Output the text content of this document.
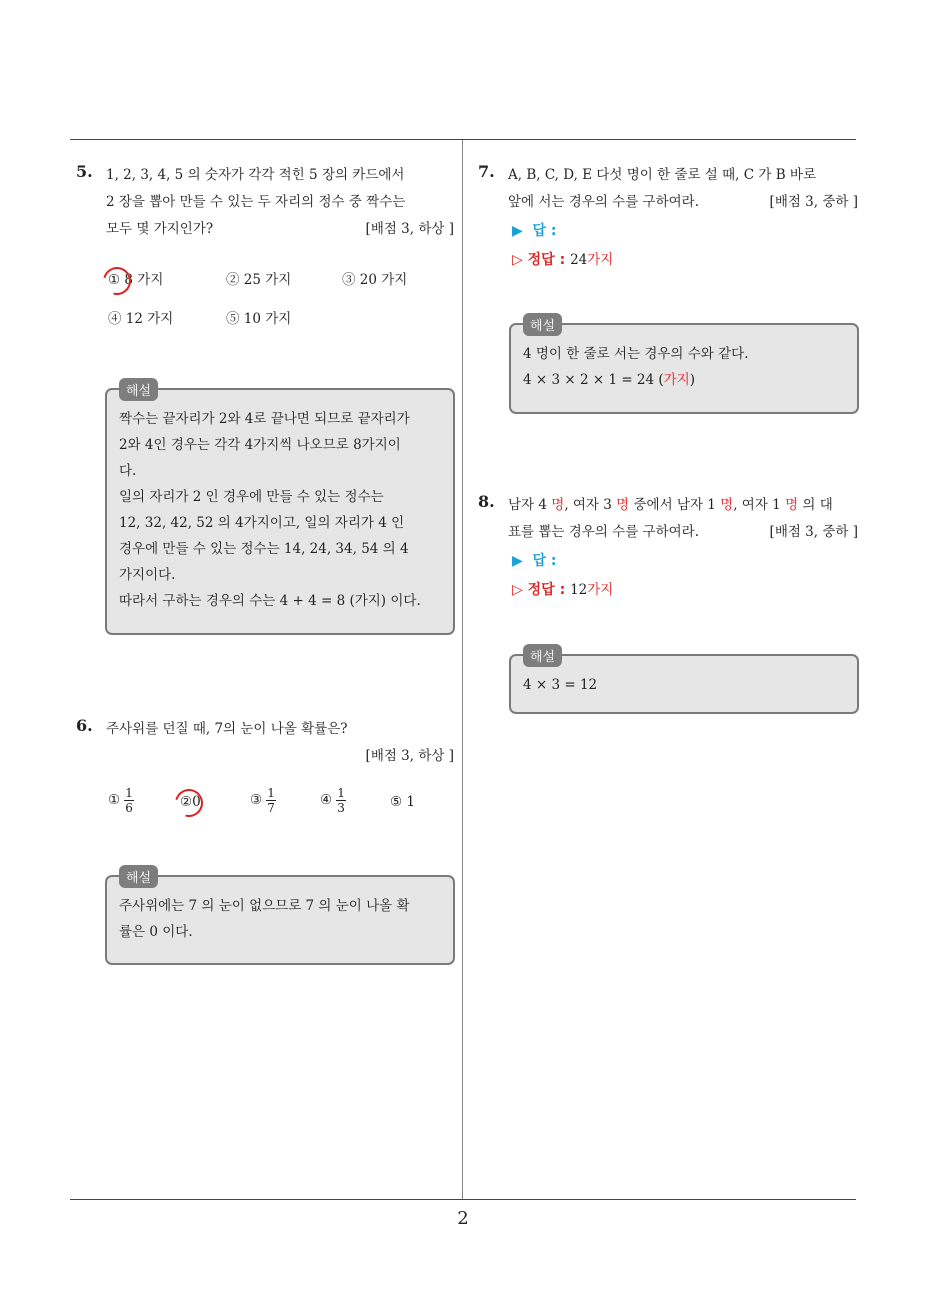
2
5. 1, 2, 3, 4, 5 의 숫자가 각각 적힌 5 장의 카드에서
2 장을 뽑아 만들 수 있는 두 자리의 정수 중 짝수는
모두 몇 가지인가?	[배점 3, 하상 ]
① 8 가지	② 25 가지	③ 20 가지
④ 12 가지	⑤ 10 가지
해설
짝수는 끝자리가 2와 4로 끝나면 되므로 끝자리가
2와 4인 경우는 각각 4가지씩 나오므로 8가지이
다.
일의 자리가 2 인 경우에 만들 수 있는 정수는
12, 32, 42, 52 의 4가지이고, 일의 자리가 4 인
경우에 만들 수 있는 정수는 14, 24, 34, 54 의 4
가지이다.
따라서 구하는 경우의 수는 4 + 4 = 8 (가지) 이다.
6. 주사위를 던질 때, 7의 눈이 나올 확률은?
[배점 3, 하상 ]
① $\frac{1}{6}$	②0	③ $\frac{1}{7}$	④ $\frac{1}{3}$	⑤ 1
해설
주사위에는 7 의 눈이 없으므로 7 의 눈이 나올 확
률은 0 이다.
7. A, B, C, D, E 다섯 명이 한 줄로 설 때, C 가 B 바로
앞에 서는 경우의 수를 구하여라.	[배점 3, 중하 ]
▶ 답 :
▷ 정답 : 24가지
해설
4 명이 한 줄로 서는 경우의 수와 같다.
4 × 3 × 2 × 1 = 24 (가지)
8. 남자 4 명, 여자 3 명 중에서 남자 1 명, 여자 1 명 의 대
표를 뽑는 경우의 수를 구하여라.	[배점 3, 중하 ]
▶ 답 :
▷ 정답 : 12가지
해설
4 × 3 = 12
